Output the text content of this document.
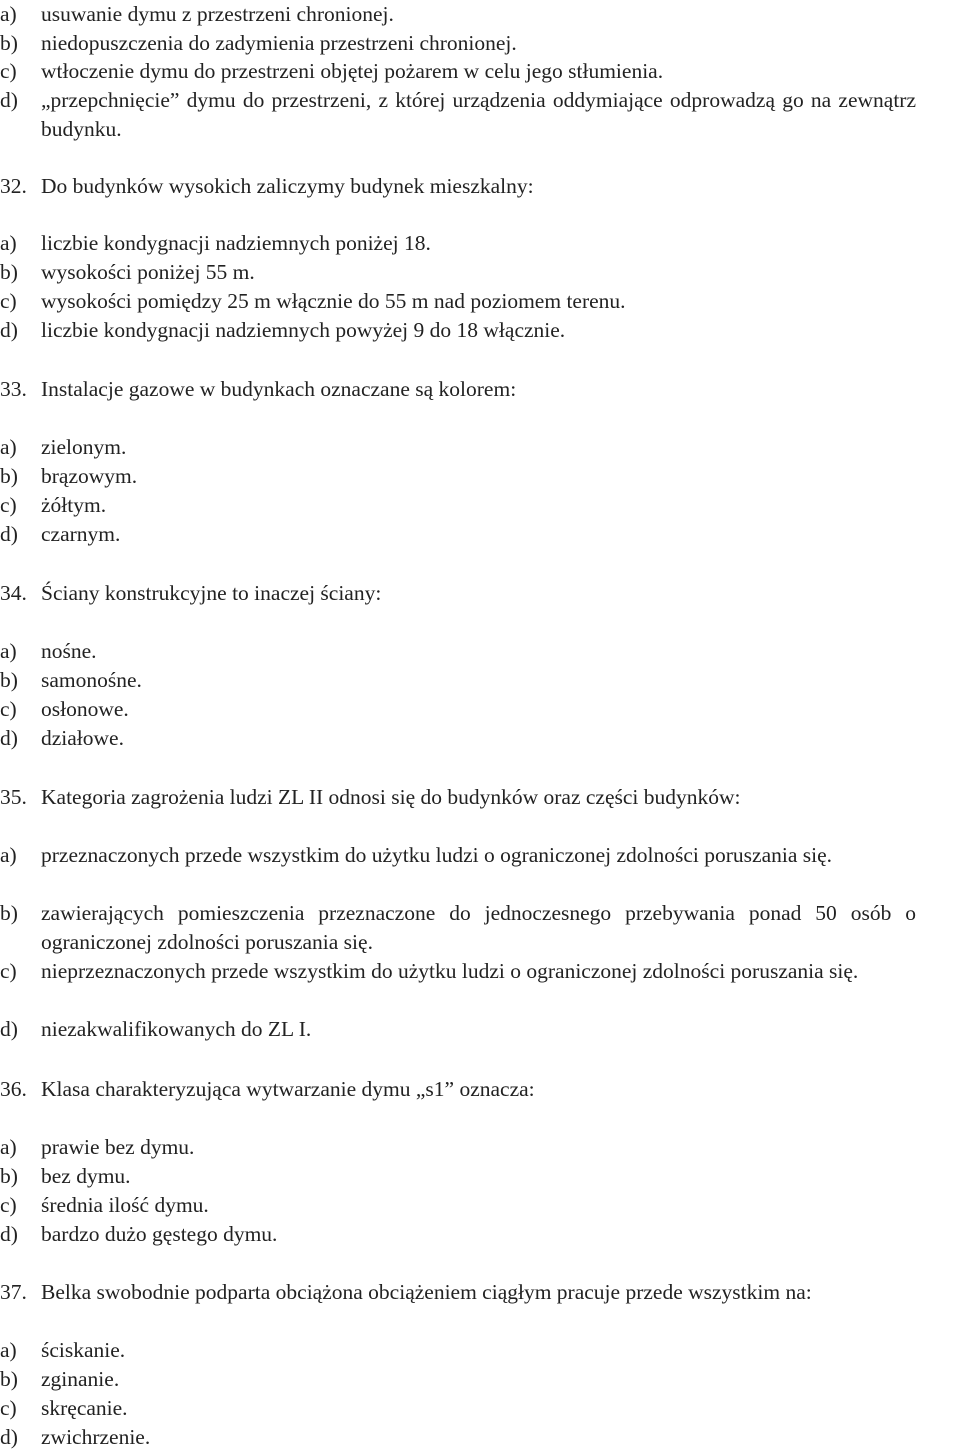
a)	usuwanie dymu z przestrzeni chronionej.
b)	niedopuszczenia do zadymienia przestrzeni chronionej.
c)	wtłoczenie dymu do przestrzeni objętej pożarem w celu jego stłumienia.
d)	„przepchnięcie” dymu do przestrzeni, z której urządzenia oddymiające odprowadzą go na zewnątrz budynku.
32. Do budynków wysokich zaliczymy budynek mieszkalny:
a)	liczbie kondygnacji nadziemnych poniżej 18.
b)	wysokości poniżej 55 m.
c)	wysokości pomiędzy 25 m włącznie do 55 m nad poziomem terenu.
d)	liczbie kondygnacji nadziemnych powyżej 9 do 18 włącznie.
33. Instalacje gazowe w budynkach oznaczane są kolorem:
a)	zielonym.
b)	brązowym.
c)	żółtym.
d)	czarnym.
34. Ściany konstrukcyjne to inaczej ściany:
a)	nośne.
b)	samonośne.
c)	osłonowe.
d)	działowe.
35. Kategoria zagrożenia ludzi ZL II odnosi się do budynków oraz części budynków:
a)	przeznaczonych przede wszystkim do użytku ludzi o ograniczonej zdolności poruszania się.
b)	zawierających pomieszczenia przeznaczone do jednoczesnego przebywania ponad 50 osób o ograniczonej zdolności poruszania się.
c)	nieprzeznaczonych przede wszystkim do użytku ludzi o ograniczonej zdolności poruszania się.
d)	niezakwalifikowanych do ZL I.
36. Klasa charakteryzująca wytwarzanie dymu „s1” oznacza:
a)	prawie bez dymu.
b)	bez dymu.
c)	średnia ilość dymu.
d)	bardzo dużo gęstego dymu.
37. Belka swobodnie podparta obciążona obciążeniem ciągłym pracuje przede wszystkim na:
a)	ściskanie.
b)	zginanie.
c)	skręcanie.
d)	zwichrzenie.
